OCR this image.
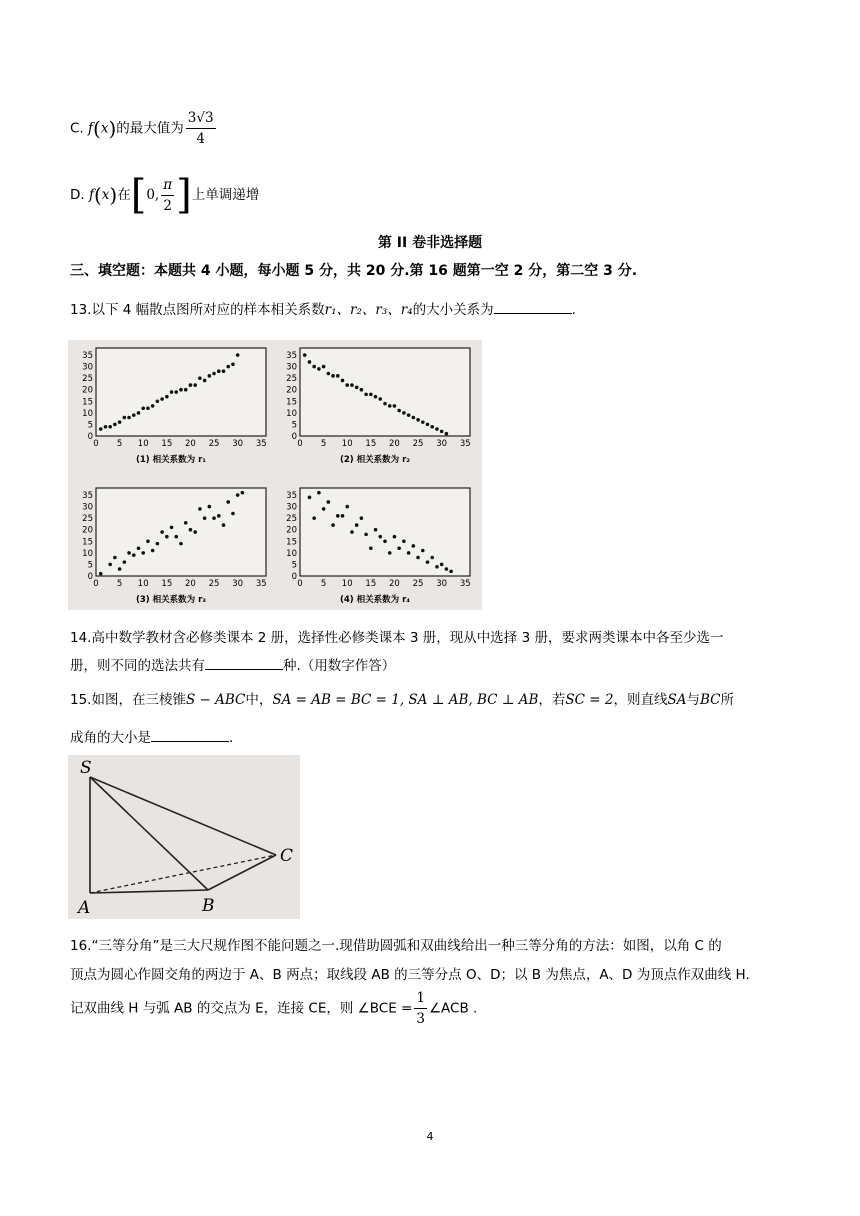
C. f(x)的最大值为 $\frac{3√3}{4}$
D. f(x)在[0, $\frac{\pi}{2}$ ]上单调递增
第 II 卷非选择题
三、填空题：本题共 4 小题，每小题 5 分，共 20 分.第 16 题第一空 2 分，第二空 3 分.
13.以下 4 幅散点图所对应的样本相关系数r₁、r₂、r₃、r₄的大小关系为	.
35
30
25
20
15
10
5
0
0 5 10 15 20 25 30 35
(1) 相关系数为 r₁
35
30
25
20
15
10
5
0
0 5 10 15 20 25 30 35
(2) 相关系数为 r₂
35
30
25
20
15
10
5
0
0 5 10 15 20 25 30 35
(3) 相关系数为 r₃
35
30
25
20
15
10
5
0
0 5 10 15 20 25 30 35
(4) 相关系数为 r₄
14.高中数学教材含必修类课本 2 册，选择性必修类课本 3 册，现从中选择 3 册，要求两类课本中各至少选一
册，则不同的选法共有	种.（用数字作答）
15.如图，在三棱锥S − ABC中，SA = AB = BC = 1, SA ⊥ AB, BC ⊥ AB，若SC = 2，则直线SA与BC所
成角的大小是	.
S
A	B
C
16.“三等分角”是三大尺规作图不能问题之一.现借助圆弧和双曲线给出一种三等分角的方法：如图，以角 C 的
顶点为圆心作圆交角的两边于 A、B 两点；取线段 AB 的三等分点 O、D；以 B 为焦点，A、D 为顶点作双曲线 H.
记双曲线 H 与弧 AB 的交点为 E，连接 CE，则 ∠BCE = $\frac{1}{3}$ ∠ACB .
4
